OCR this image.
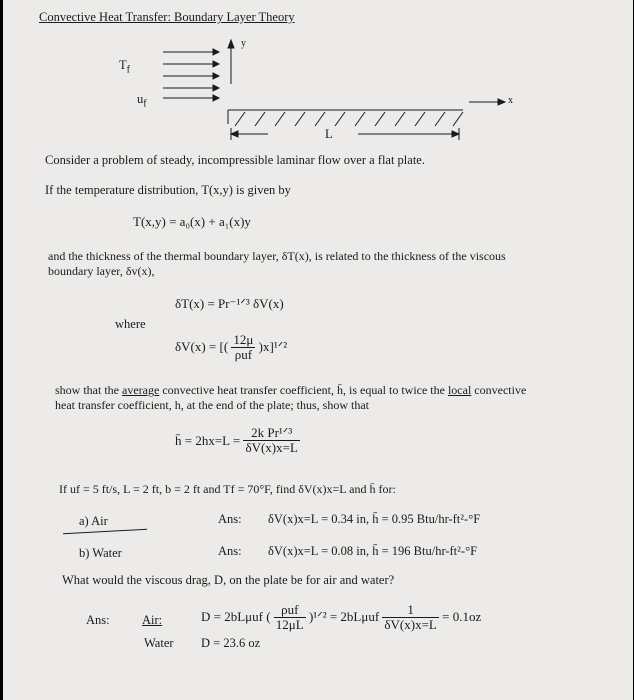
Convective Heat Transfer: Boundary Layer Theory
$T_f$
$u_f$
y
x
L
Consider a problem of steady, incompressible laminar flow over a flat plate.
If the temperature distribution, T(x,y) is given by
T(x,y) = a₀(x) + a₁(x)y
and the thickness of the thermal boundary layer, δT(x), is related to the thickness of the viscous
boundary layer, δv(x),
δT(x) = Pr⁻¹ᐟ³ δV(x)
where
δV(x) = [( $\frac{12\mu}{\text{ρuf}}$ )x]¹ᐟ²
show that the average convective heat transfer coefficient, h̄, is equal to twice the local convective
heat transfer coefficient, h, at the end of the plate; thus, show that
h̄ = $2hx=L = \frac{\text{2k Pr¹ᐟ³}}{\delta V(x)x=L}$
If uf = 5 ft/s, L = 2 ft, b = 2 ft and Tf = 70°F, find δV(x)x=L and h̄ for:
a) Air	Ans: δV(x)x=L = 0.34 in, h̄ = 0.95 Btu/hr-ft²-°F
b) Water	Ans: δV(x)x=L = 0.08 in, h̄ = 196 Btu/hr-ft²-°F
What would the viscous drag, D, on the plate be for air and water?
Ans:	Air:	D = 2bLμuf ( $\frac{\text{ρuf}}{12\mu L}$ )¹ᐟ² = $2bL\mu uf \frac{1}{\delta V(x)x=L} = 0.1oz$
Water D = 23.6 oz
